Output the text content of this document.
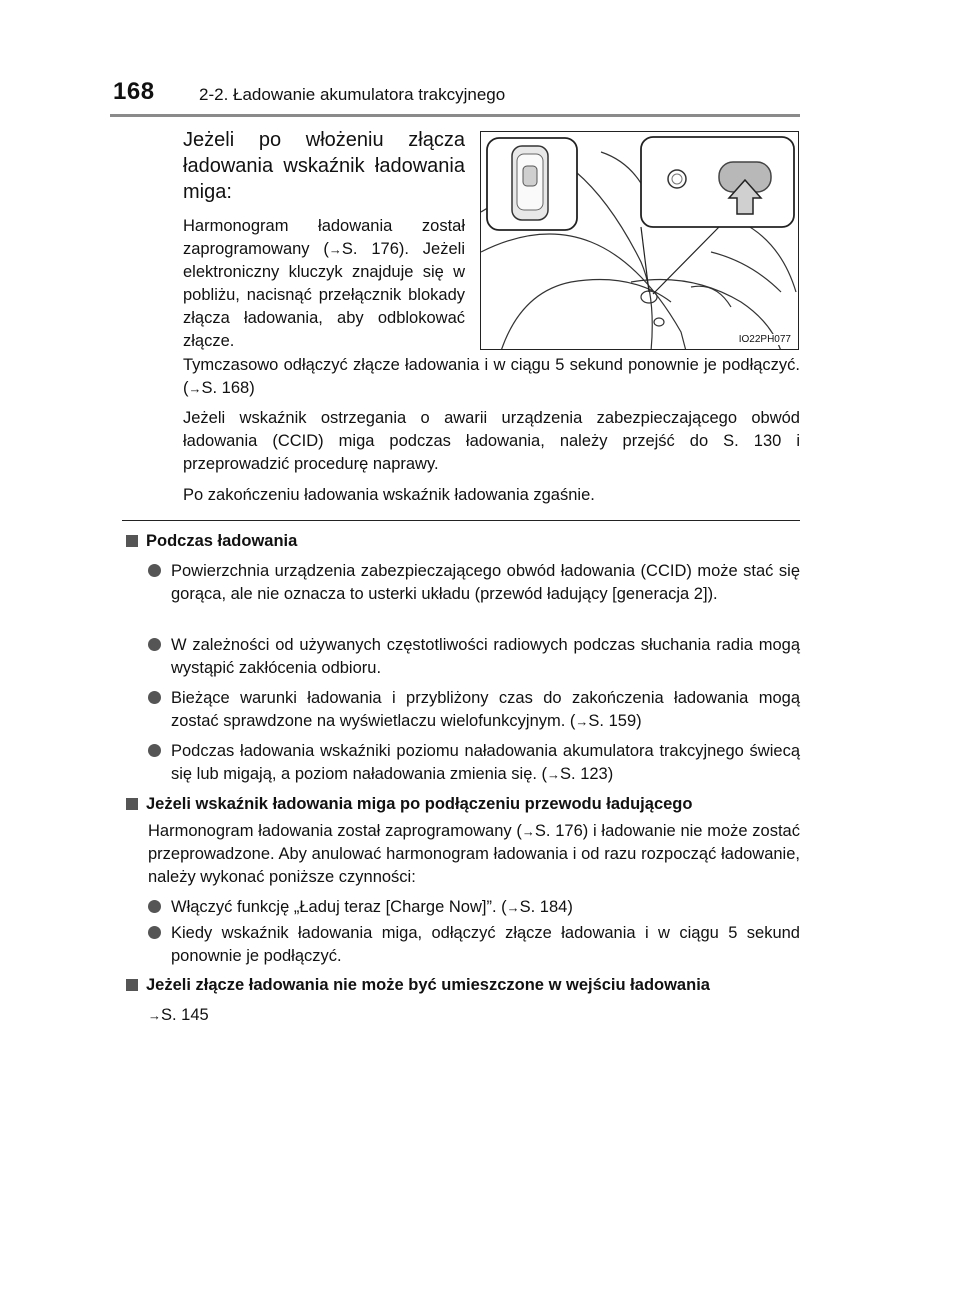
168	2-2. Ładowanie akumulatora trakcyjnego

Jeżeli po włożeniu złącza ładowania wskaźnik ładowania miga:

Harmonogram ładowania został zaprogramowany (→S. 176). Jeżeli elektroniczny kluczyk znajduje się w pobliżu, nacisnąć przełącznik blokady złącza ładowania, aby odblokować złącze.	IO22PH077

Tymczasowo odłączyć złącze ładowania i w ciągu 5 sekund ponownie je podłączyć. (→S. 168)

Jeżeli wskaźnik ostrzegania o awarii urządzenia zabezpieczającego obwód ładowania (CCID) miga podczas ładowania, należy przejść do S. 130 i przeprowadzić procedurę naprawy.

Po zakończeniu ładowania wskaźnik ładowania zgaśnie.

Podczas ładowania
Powierzchnia urządzenia zabezpieczającego obwód ładowania (CCID) może stać się gorąca, ale nie oznacza to usterki układu (przewód ładujący [generacja 2]).
W zależności od używanych częstotliwości radiowych podczas słuchania radia mogą wystąpić zakłócenia odbioru.
Bieżące warunki ładowania i przybliżony czas do zakończenia ładowania mogą zostać sprawdzone na wyświetlaczu wielofunkcyjnym. (→S. 159)
Podczas ładowania wskaźniki poziomu naładowania akumulatora trakcyjnego świecą się lub migają, a poziom naładowania zmienia się. (→S. 123)
Jeżeli wskaźnik ładowania miga po podłączeniu przewodu ładującego
Harmonogram ładowania został zaprogramowany (→S. 176) i ładowanie nie może zostać przeprowadzone. Aby anulować harmonogram ładowania i od razu rozpocząć ładowanie, należy wykonać poniższe czynności:
Włączyć funkcję „Ładuj teraz [Charge Now]”. (→S. 184)
Kiedy wskaźnik ładowania miga, odłączyć złącze ładowania i w ciągu 5 sekund ponownie je podłączyć.
Jeżeli złącze ładowania nie może być umieszczone w wejściu ładowania
→S. 145
